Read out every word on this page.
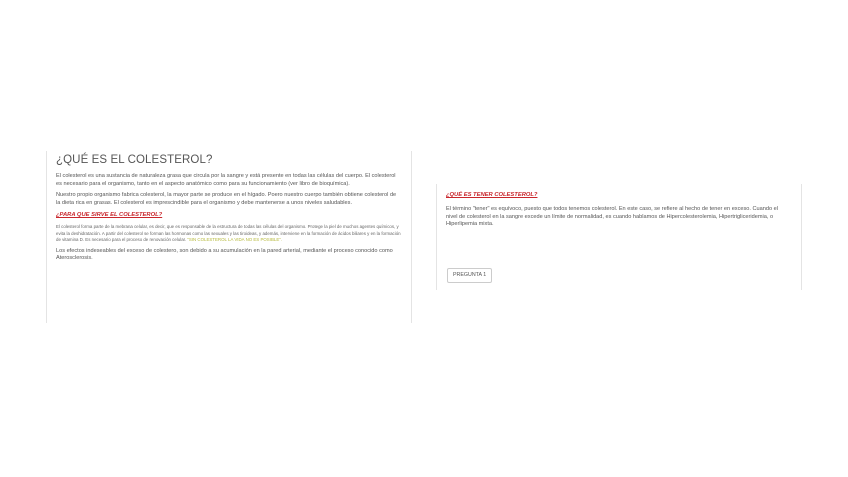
¿QUÉ ES EL COLESTEROL?

El colesterol es una sustancia de naturaleza grasa que circula por la sangre y está presente en todas las células del cuerpo. El colesterol es necesario para el organismo, tanto en el aspecto anatómico como para su funcionamiento (ver libro de bioquímica).

Nuestro propio organismo fabrica colesterol, la mayor parte se produce en el hígado. Poero nuestro cuerpo también obtiene colesterol de la dieta rica en grasas. El colesterol es imprescindible para el organismo y debe mantenerse a unos niveles saludables.

¿PARA QUE SIRVE EL COLESTEROL?

El colesterol forma parte de la mebrana celular, es decir, que es responsable de la estructura de todas las células del organismo. Protege la piel de muchos agentes químicos, y evita la deshidratación. A partir del colesterol se forman las hormonas como las sexuales y las tiroideas, y además, interviene en la formación de ácidos biliares y en la formación de vitamina D. Es necesario para el proceso de renovación celular. "SIN COLESTEROL LA VIDA NO ES POSIBLE".

Los efectos indeseables del exceso de colestero, son debido a su acumulación en la pared arterial, mediante el proceso conocido como Aterosclerosis.

¿QUÉ ES TENER COLESTEROL?

El término "tener" es equívoco, puesto que todos tenemos colesterol. En este caso, se refiere al hecho de tener en exceso. Cuando el nivel de colesterol en la sangre excede un límite de normalidad, es cuando hablamos de Hipercolesterolemia, Hipertrigliceridemia, o Hiperlipemia mixta.

PREGUNTA 1
